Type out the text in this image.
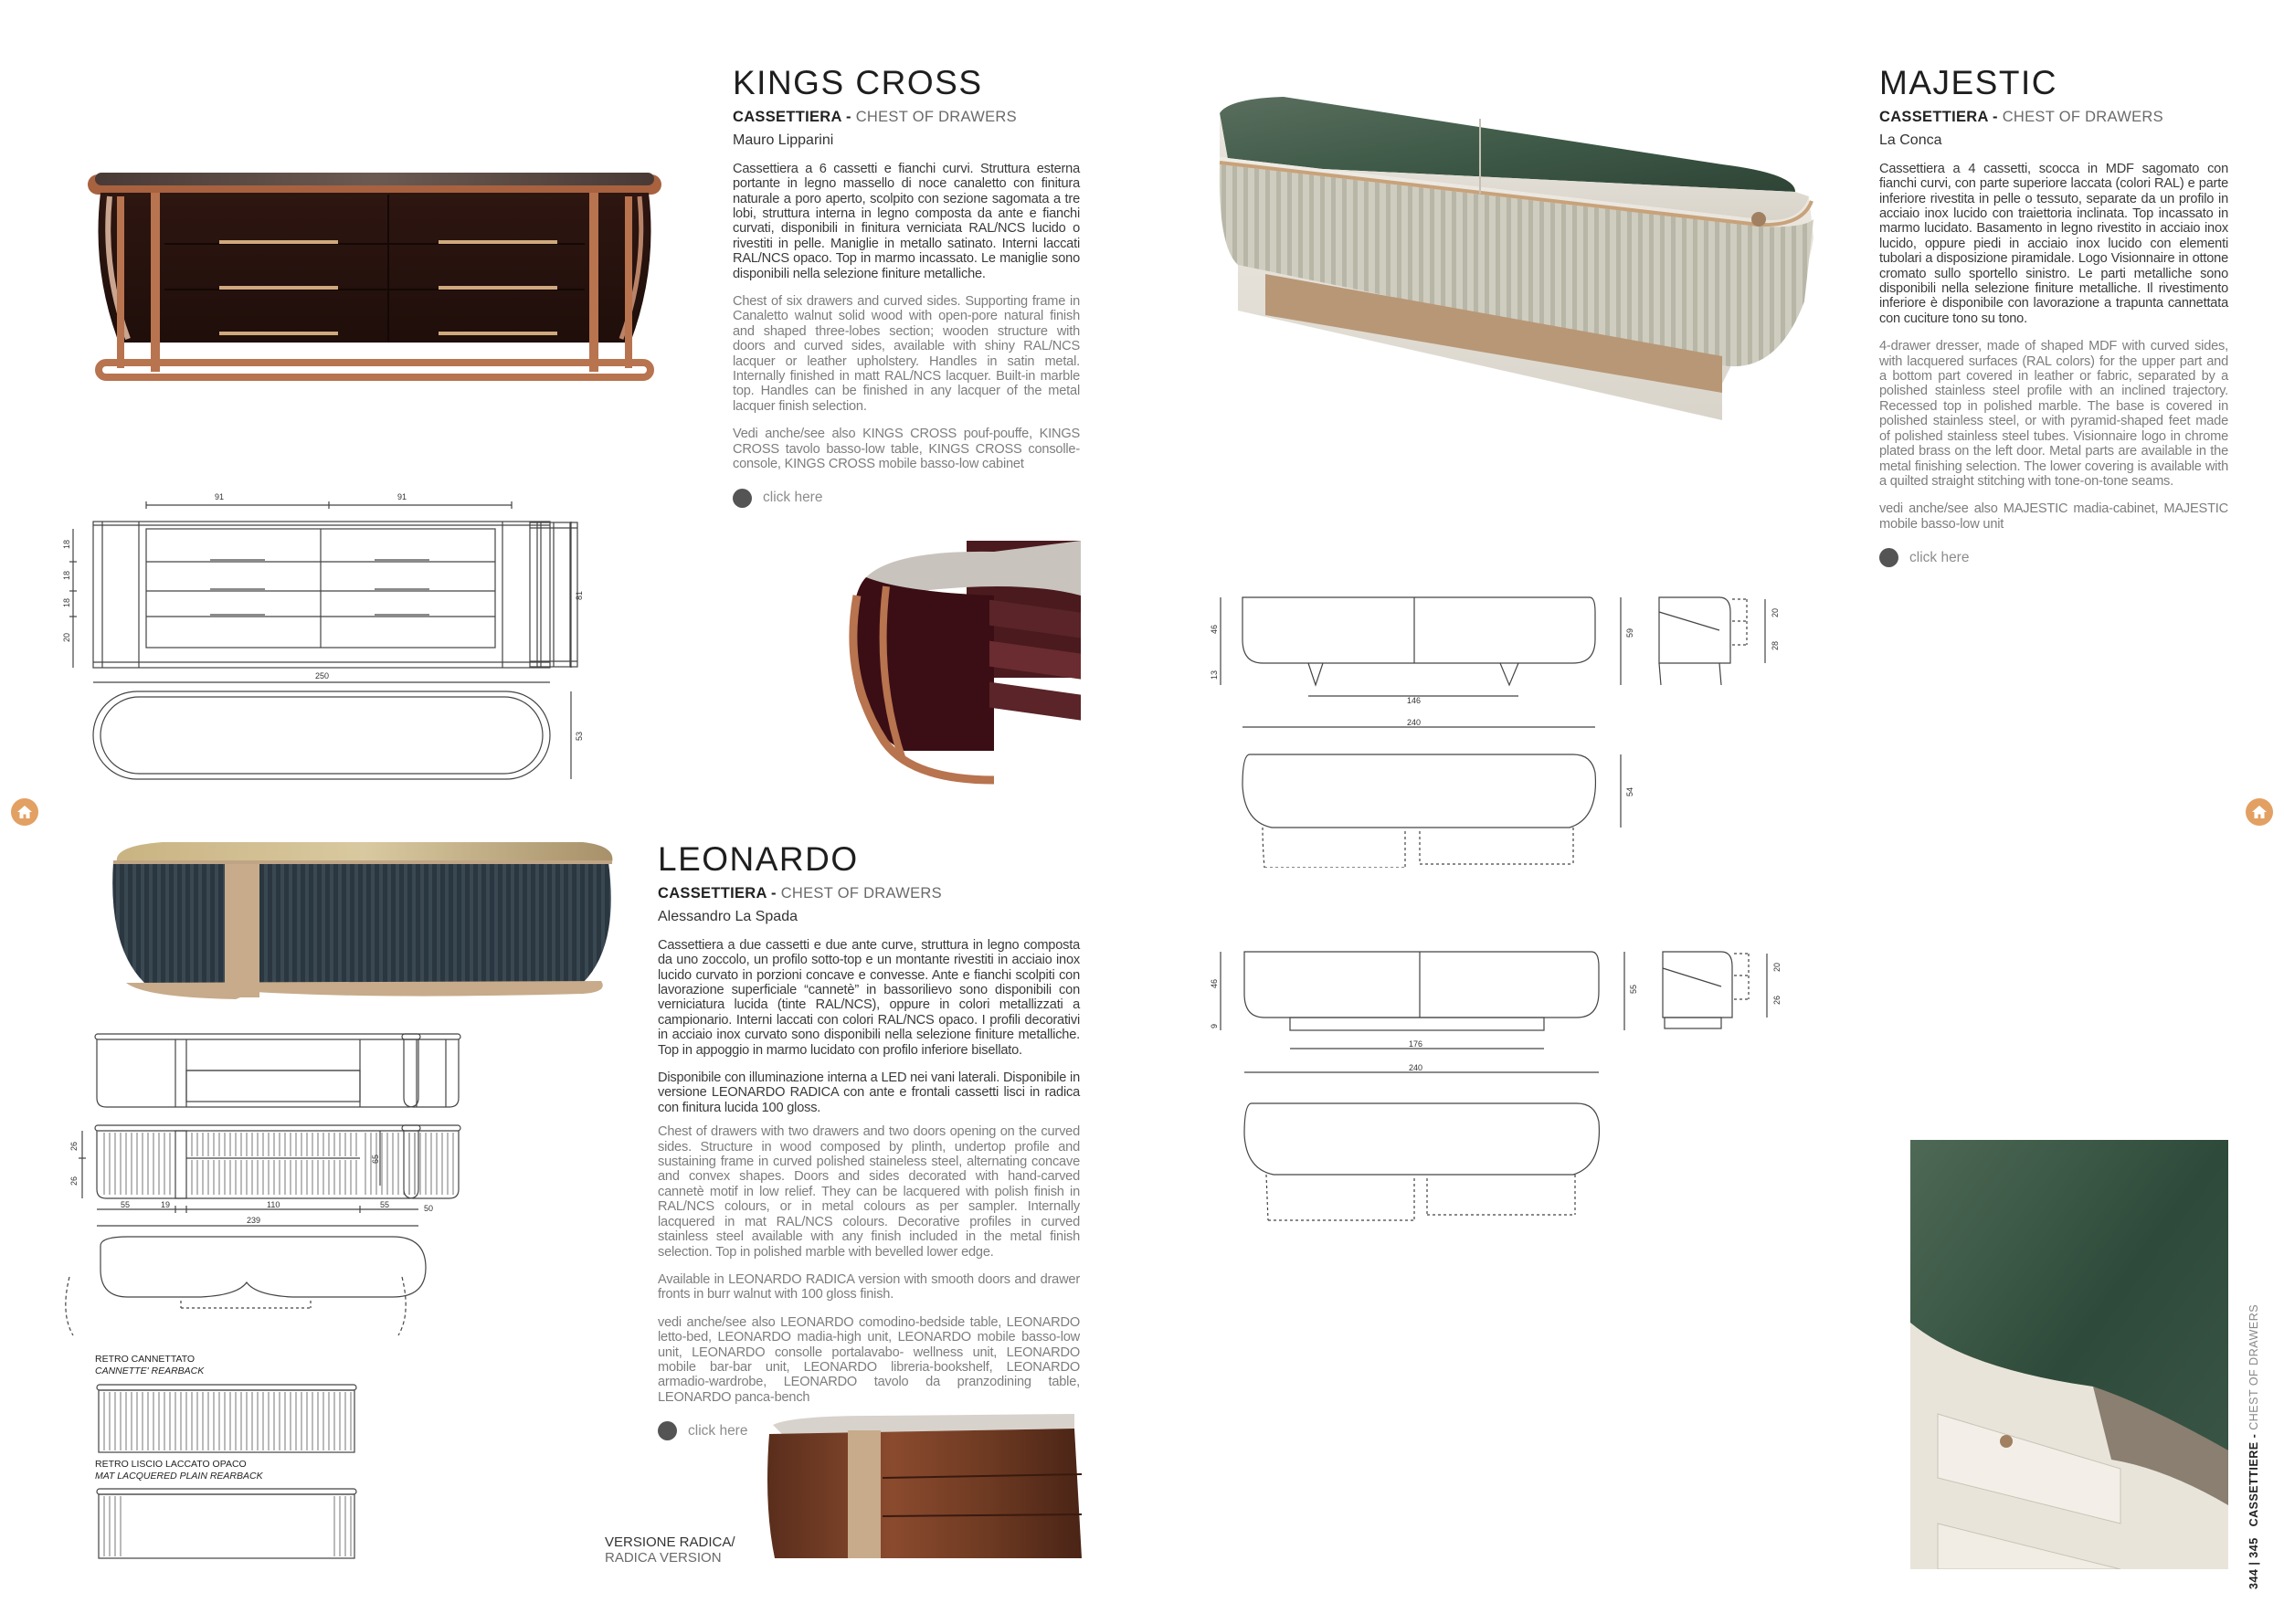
KINGS CROSS
CASSETTIERA - CHEST OF DRAWERS
Mauro Lipparini

Cassettiera a 6 cassetti e fianchi curvi. Struttura esterna portante in legno massello di noce canaletto con finitura naturale a poro aperto, scolpito con sezione sagomata a tre lobi, struttura interna in legno composta da ante e fianchi curvati, disponibili in finitura verniciata RAL/NCS lucido o rivestiti in pelle. Maniglie in metallo satinato. Interni laccati RAL/NCS opaco. Top in marmo incassato. Le maniglie sono disponibili nella selezione finiture metalliche.

Chest of six drawers and curved sides. Supporting frame in Canaletto walnut solid wood with open-pore natural finish and shaped three-lobes section; wooden structure with doors and curved sides, available with shiny RAL/NCS lacquer or leather upholstery. Handles in satin metal. Internally finished in matt RAL/NCS lacquer. Built-in marble top. Handles can be finished in any lacquer of the metal lacquer finish selection.

Vedi anche/see also KINGS CROSS pouf-pouffe, KINGS CROSS tavolo basso-low table, KINGS CROSS consolle-console, KINGS CROSS mobile basso-low cabinet

click here
91	91
18
18
18
20
81
250
53
LEONARDO
CASSETTIERA - CHEST OF DRAWERS
Alessandro La Spada

Cassettiera a due cassetti e due ante curve, struttura in legno composta da uno zoccolo, un profilo sotto-top e un montante rivestiti in acciaio inox lucido curvato in porzioni concave e convesse. Ante e fianchi scolpiti con lavorazione superficiale “cannetè” in bassorilievo sono disponibili con verniciatura lucida (tinte RAL/NCS), oppure in colori metallizzati a campionario. Interni laccati con colori RAL/NCS opaco. I profili decorativi in acciaio inox curvato sono disponibili nella selezione finiture metalliche. Top in appoggio in marmo lucidato con profilo inferiore bisellato.

Disponibile con illuminazione interna a LED nei vani laterali. Disponibile in versione LEONARDO RADICA con ante e frontali cassetti lisci in radica con finitura lucida 100 gloss.

Chest of drawers with two drawers and two doors opening on the curved sides. Structure in wood composed by plinth, undertop profile and sustaining frame in curved polished staineless steel, alternating concave and convex shapes. Doors and sides decorated with hand-carved cannetè motif in low relief. They can be lacquered with polish finish in RAL/NCS colours, or in metal colours as per sampler. Internally lacquered in mat RAL/NCS colours. Decorative profiles in curved stainless steel available with any finish included in the metal finish selection. Top in polished marble with bevelled lower edge.

Available in LEONARDO RADICA version with smooth doors and drawer fronts in burr walnut with 100 gloss finish.

vedi anche/see also LEONARDO comodino-bedside table, LEONARDO letto-bed, LEONARDO madia-high unit, LEONARDO mobile basso-low unit, LEONARDO consolle portalavabo- wellness unit, LEONARDO mobile bar-bar unit, LEONARDO libreria-bookshelf, LEONARDO armadio-wardrobe, LEONARDO tavolo da pranzodining table, LEONARDO panca-bench

click here
26
26
55	19	110	55
239
50
65
RETRO CANNETTATO
CANNETTE' REARBACK
RETRO LISCIO LACCATO OPACO
MAT LACQUERED PLAIN REARBACK
VERSIONE RADICA/
RADICA VERSION
MAJESTIC
CASSETTIERA - CHEST OF DRAWERS
La Conca

Cassettiera a 4 cassetti, scocca in MDF sagomato con fianchi curvi, con parte superiore laccata (colori RAL) e parte inferiore rivestita in pelle o tessuto, separate da un profilo in acciaio inox lucido con traiettoria inclinata. Top incassato in marmo lucidato. Basamento in legno rivestito in acciaio inox lucido, oppure piedi in acciaio inox lucido con elementi tubolari a disposizione piramidale. Logo Visionnaire in ottone cromato sullo sportello sinistro. Le parti metalliche sono disponibili nella selezione finiture metalliche. Il rivestimento inferiore è disponibile con lavorazione a trapunta cannettata con cuciture tono su tono.

4-drawer dresser, made of shaped MDF with curved sides, with lacquered surfaces (RAL colors) for the upper part and a bottom part covered in leather or fabric, separated by a polished stainless steel profile with an inclined trajectory. Recessed top in polished marble. The base is covered in polished stainless steel, or with pyramid-shaped feet made of polished stainless steel tubes. Visionnaire logo in chrome plated brass on the left door. Metal parts are available in the metal finishing selection. The lower covering is available with a quilted straight stitching with tone-on-tone seams.

vedi anche/see also MAJESTIC madia-cabinet, MAJESTIC mobile basso-low unit

click here
146
240
59
46
13
54
20
28
176
240
55
46
9
20
26
344 | 345   CASSETTIERE - CHEST OF DRAWERS
